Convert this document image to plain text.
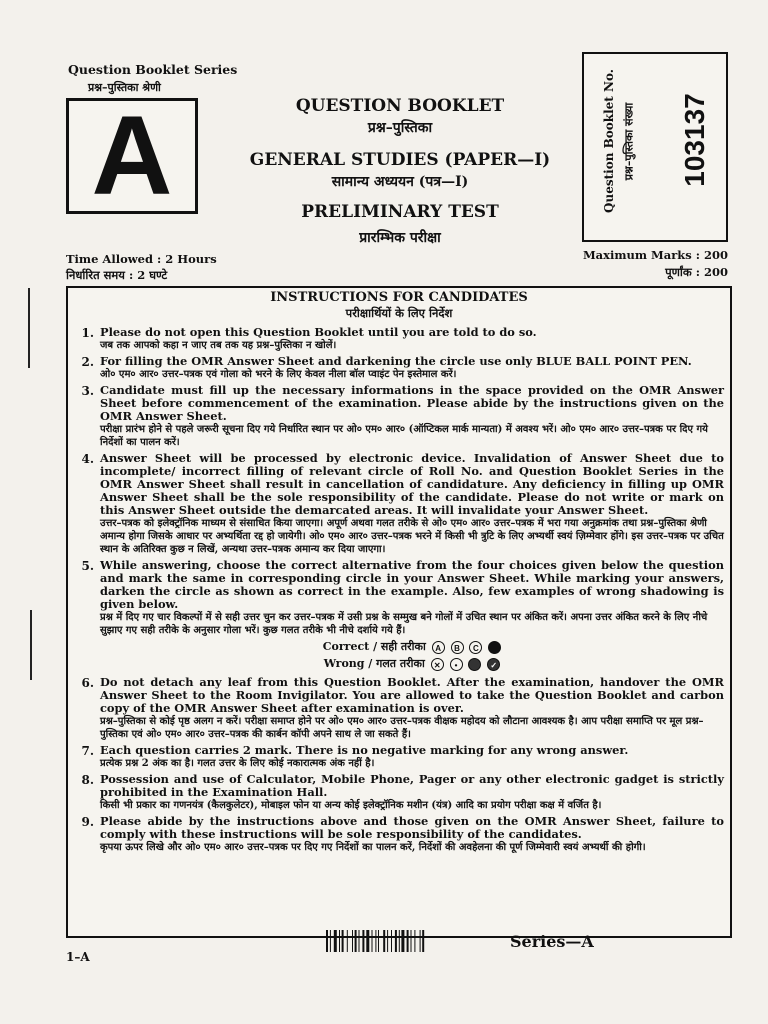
Question Booklet Series
प्रश्न–पुस्तिका श्रेणी
A	QUESTION BOOKLET
प्रश्न–पुस्तिका
GENERAL STUDIES (PAPER—I)
सामान्य अध्ययन (पत्र—I)
PRELIMINARY TEST
प्रारम्भिक परीक्षा
Question Booklet No. प्रश्न–पुस्तिका संख्या 103137
Time Allowed : 2 Hours
निर्धारित समय : 2 घण्टे
Maximum Marks : 200
पूर्णांक : 200
INSTRUCTIONS FOR CANDIDATES
परीक्षार्थियों के लिए निर्देश
1. Please do not open this Question Booklet until you are told to do so.
जब तक आपको कहा न जाए तब तक यह प्रश्न–पुस्तिका न खोलें।
2. For filling the OMR Answer Sheet and darkening the circle use only BLUE BALL POINT PEN.
ओ० एम० आर० उत्तर–पत्रक एवं गोला को भरने के लिए केवल नीला बॉल प्वाइंट पेन इस्तेमाल करें।
3. Candidate must fill up the necessary informations in the space provided on the OMR Answer Sheet before commencement of the examination. Please abide by the instructions given on the OMR Answer Sheet.
परीक्षा प्रारंभ होने से पहले जरूरी सूचना दिए गये निर्धारित स्थान पर ओ० एम० आर० (ऑप्टिकल मार्क मान्यता) में अवश्य भरें। ओ० एम० आर० उत्तर–पत्रक पर दिए गये निर्देशों का पालन करें।
4. Answer Sheet will be processed by electronic device. Invalidation of Answer Sheet due to incomplete/ incorrect filling of relevant circle of Roll No. and Question Booklet Series in the OMR Answer Sheet shall result in cancellation of candidature. Any deficiency in filling up OMR Answer Sheet shall be the sole responsibility of the candidate. Please do not write or mark on this Answer Sheet outside the demarcated areas. It will invalidate your Answer Sheet.
उत्तर–पत्रक को इलेक्ट्रॉनिक माध्यम से संसाधित किया जाएगा। अपूर्ण अथवा गलत तरीके से ओ० एम० आर० उत्तर–पत्रक में भरा गया अनुक्रमांक तथा प्रश्न–पुस्तिका श्रेणी अमान्य होगा जिसके आधार पर अभ्यर्थिता रद्द हो जायेगी। ओ० एम० आर० उत्तर–पत्रक भरने में किसी भी त्रुटि के लिए अभ्यर्थी स्वयं ज़िम्मेवार होंगे। इस उत्तर–पत्रक पर उचित स्थान के अतिरिक्त कुछ न लिखें, अन्यथा उत्तर–पत्रक अमान्य कर दिया जाएगा।
5. While answering, choose the correct alternative from the four choices given below the question and mark the same in corresponding circle in your Answer Sheet. While marking your answers, darken the circle as shown as correct in the example. Also, few examples of wrong shadowing is given below.
प्रश्न में दिए गए चार विकल्पों में से सही उत्तर चुन कर उत्तर–पत्रक में उसी प्रश्न के सम्मुख बने गोलों में उचित स्थान पर अंकित करें। अपना उत्तर अंकित करने के लिए नीचे सुझाए गए सही तरीके के अनुसार गोला भरें। कुछ गलत तरीके भी नीचे दर्शाये गये हैं।
Correct / सही तरीका A B C
Wrong / गलत तरीका ✕ •	✓
6. Do not detach any leaf from this Question Booklet. After the examination, handover the OMR Answer Sheet to the Room Invigilator. You are allowed to take the Question Booklet and carbon copy of the OMR Answer Sheet after examination is over.
प्रश्न–पुस्तिका से कोई पृष्ठ अलग न करें। परीक्षा समाप्त होने पर ओ० एम० आर० उत्तर–पत्रक वीक्षक महोदय को लौटाना आवश्यक है। आप परीक्षा समाप्ति पर मूल प्रश्न– पुस्तिका एवं ओ० एम० आर० उत्तर–पत्रक की कार्बन कॉपी अपने साथ ले जा सकते हैं।
7. Each question carries 2 mark. There is no negative marking for any wrong answer.
प्रत्येक प्रश्न 2 अंक का है। गलत उत्तर के लिए कोई नकारात्मक अंक नहीं है।
8. Possession and use of Calculator, Mobile Phone, Pager or any other electronic gadget is strictly prohibited in the Examination Hall.
किसी भी प्रकार का गणनयंत्र (कैलकुलेटर), मोबाइल फोन या अन्य कोई इलेक्ट्रॉनिक मशीन (यंत्र) आदि का प्रयोग परीक्षा कक्ष में वर्जित है।
9. Please abide by the instructions above and those given on the OMR Answer Sheet, failure to comply with these instructions will be sole responsibility of the candidates.
कृपया ऊपर लिखे और ओ० एम० आर० उत्तर–पत्रक पर दिए गए निर्देशों का पालन करें, निर्देशों की अवहेलना की पूर्ण जिम्मेवारी स्वयं अभ्यर्थी की होगी।
Series—A
1–A
